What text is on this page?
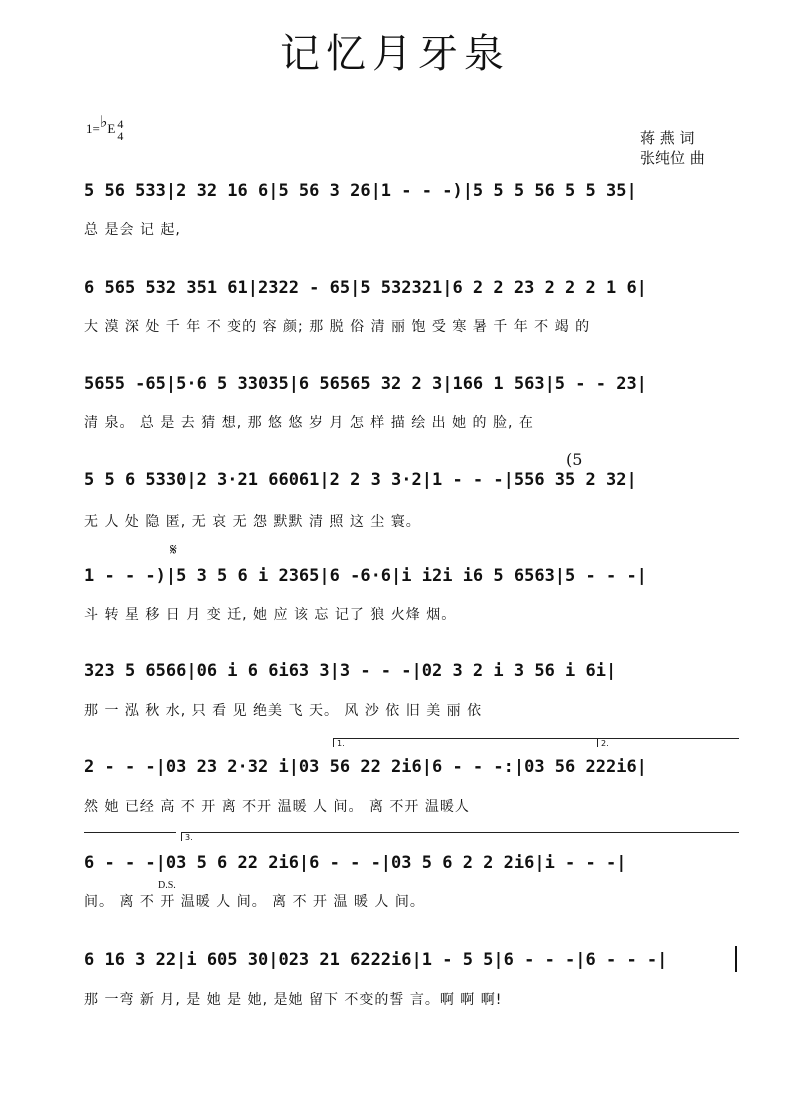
记忆月牙泉
1=♭E 4
4	蒋 燕 词
张纯位 曲
5 56 533|2 32 16 6|5 56 3 26|1 - - -)|5 5 5 56 5 5 35|
总 是会 记 起,
6 565 532 351 61|2322 - 65|5 532321|6 2 2 23 2 2 2 1 6|
大 漠 深 处 千 年 不 变的 容 颜; 那 脱 俗 清 丽 饱 受 寒 暑 千 年 不 竭 的
5655 -65|5·6 5 33035|6 56565 32 2 3|166 1 563|5 - - 23|
清 泉。 总 是 去 猜 想, 那 悠 悠 岁 月 怎 样 描 绘 出 她 的 脸, 在
(5
5 5 6 5330|2 3·21 66061|2 2 3 3·2|1 - - -|556 35 2 32|
无 人 处 隐 匿, 无 哀 无 怨 默默 清 照 这 尘 寰。
𝄋
1 - - -)|5 3 5 6 i 2365|6 -6·6|i i2i i6 5 6563|5 - - -|
斗 转 星 移 日 月 变 迁, 她 应 该 忘 记了 狼 火烽 烟。
323 5 6566|06 i 6 6i63 3|3 - - -|02 3 2 i 3 56 i 6i|
那 一 泓 秋 水, 只 看 见 绝美 飞 天。 风 沙 依 旧 美 丽 依
1.	2.
2 - - -|03 23 2·32 i|03 56 22 2i6|6 - - -:|03 56 222i6|
然 她 已经 高 不 开 离 不开 温暖 人 间。 离 不开 温暖人
3.
6 - - -|03 5 6 22 2i6|6 - - -|03 5 6 2 2 2i6|i - - -|
D.S.
间。 离 不 开 温暖 人 间。 离 不 开 温 暖 人 间。
6 16 3 22|i 605 30|023 21 6222i6|1 - 5 5|6 - - -|6 - - -|
那 一弯 新 月, 是 她 是 她, 是她 留下 不变的誓 言。啊 啊 啊!
